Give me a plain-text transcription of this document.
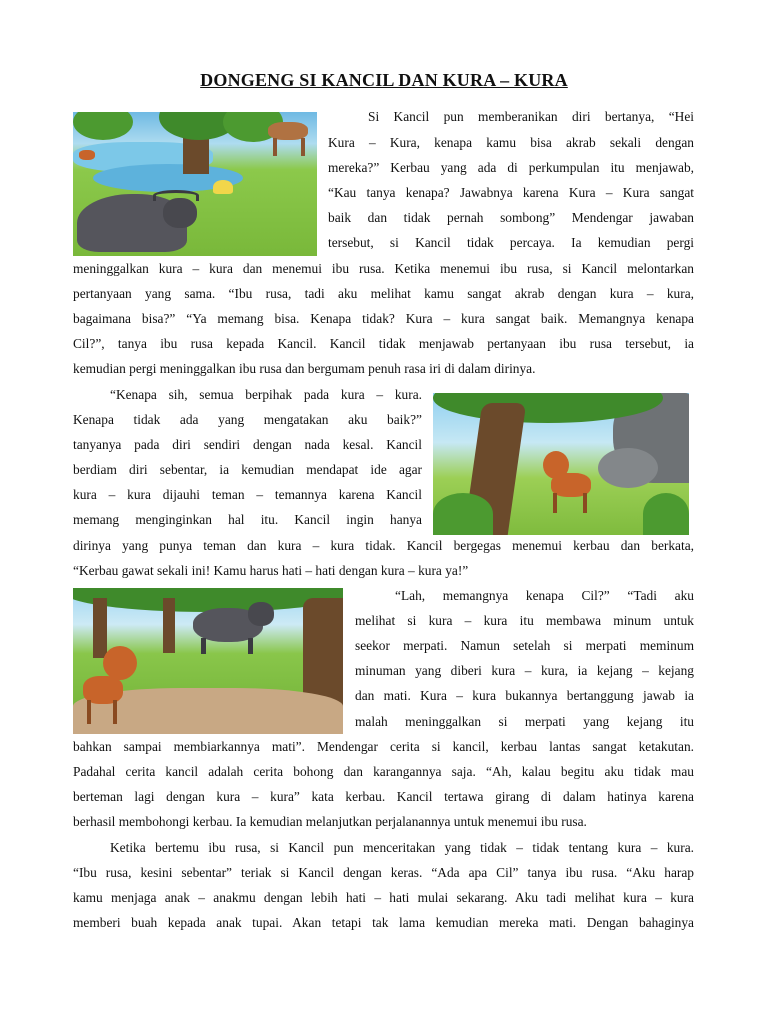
DONGENG SI KANCIL DAN KURA – KURA
Si Kancil pun memberanikan diri bertanya, “Hei
Kura – Kura, kenapa kamu bisa akrab sekali dengan
mereka?” Kerbau yang ada di perkumpulan itu menjawab,
“Kau tanya kenapa? Jawabnya karena Kura – Kura sangat
baik dan tidak pernah sombong” Mendengar jawaban
tersebut, si Kancil tidak percaya. Ia kemudian pergi
meninggalkan kura – kura dan menemui ibu rusa. Ketika menemui ibu rusa, si Kancil melontarkan
pertanyaan yang sama. “Ibu rusa, tadi aku melihat kamu sangat akrab dengan kura – kura,
bagaimana bisa?” “Ya memang bisa. Kenapa tidak? Kura – kura sangat baik. Memangnya kenapa
Cil?”, tanya ibu rusa kepada Kancil. Kancil tidak menjawab pertanyaan ibu rusa tersebut, ia
kemudian pergi meninggalkan ibu rusa dan bergumam penuh rasa iri di dalam dirinya.
“Kenapa sih, semua berpihak pada kura – kura.
Kenapa tidak ada yang mengatakan aku baik?”
tanyanya pada diri sendiri dengan nada kesal. Kancil
berdiam diri sebentar, ia kemudian mendapat ide agar
kura – kura dijauhi teman – temannya karena Kancil
memang menginginkan hal itu. Kancil ingin hanya
dirinya yang punya teman dan kura – kura tidak. Kancil bergegas menemui kerbau dan berkata,
“Kerbau gawat sekali ini! Kamu harus hati – hati dengan kura – kura ya!”
“Lah, memangnya kenapa Cil?” “Tadi aku
melihat si kura – kura itu membawa minum untuk
seekor merpati. Namun setelah si merpati meminum
minuman yang diberi kura – kura, ia kejang – kejang
dan mati. Kura – kura bukannya bertanggung jawab ia
malah meninggalkan si merpati yang kejang itu
bahkan sampai membiarkannya mati”. Mendengar cerita si kancil, kerbau lantas sangat ketakutan.
Padahal cerita kancil adalah cerita bohong dan karangannya saja. “Ah, kalau begitu aku tidak mau
berteman lagi dengan kura – kura” kata kerbau. Kancil tertawa girang di dalam hatinya karena
berhasil membohongi kerbau. Ia kemudian melanjutkan perjalanannya untuk menemui ibu rusa.
Ketika bertemu ibu rusa, si Kancil pun menceritakan yang tidak – tidak tentang kura – kura.
“Ibu rusa, kesini sebentar” teriak si Kancil dengan keras. “Ada apa Cil” tanya ibu rusa. “Aku harap
kamu menjaga anak – anakmu dengan lebih hati – hati mulai sekarang. Aku tadi melihat kura – kura
memberi buah kepada anak tupai. Akan tetapi tak lama kemudian mereka mati. Dengan bahaginya
